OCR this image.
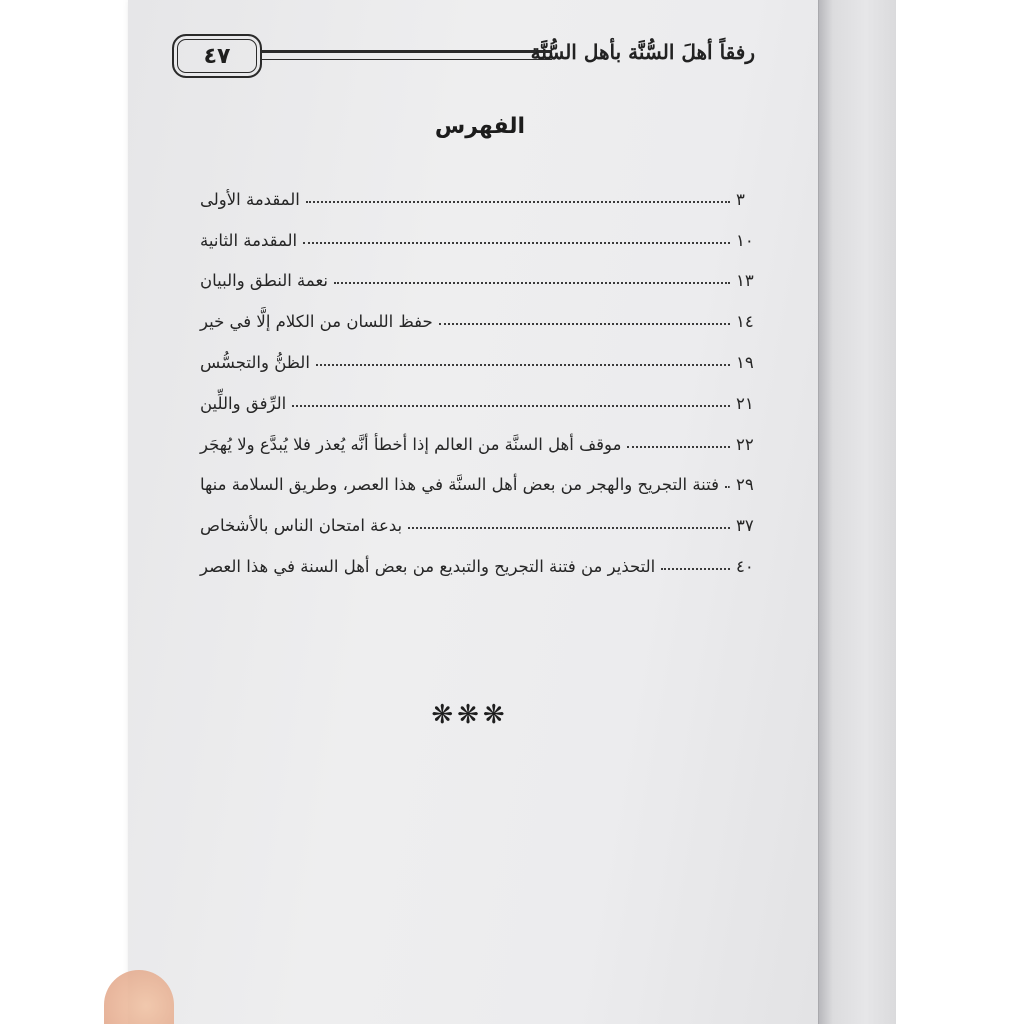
٤٧	رفقاً أهلَ السُّنَّة بأهل السُّنَّة
الفهرس
المقدمة الأولى	٣
المقدمة الثانية	١٠
نعمة النطق والبيان	١٣
حفظ اللسان من الكلام إلَّا في خير	١٤
الظنُّ والتجسُّس	١٩
الرِّفق واللِّين	٢١
موقف أهل السنَّة من العالم إذا أخطأ أنَّه يُعذر فلا يُبدَّع ولا يُهجَر	٢٢
فتنة التجريح والهجر من بعض أهل السنَّة في هذا العصر، وطريق السلامة منها ٢٩
بدعة امتحان الناس بالأشخاص	٣٧
التحذير من فتنة التجريح والتبديع من بعض أهل السنة في هذا العصر	٤٠
❋❋❋
